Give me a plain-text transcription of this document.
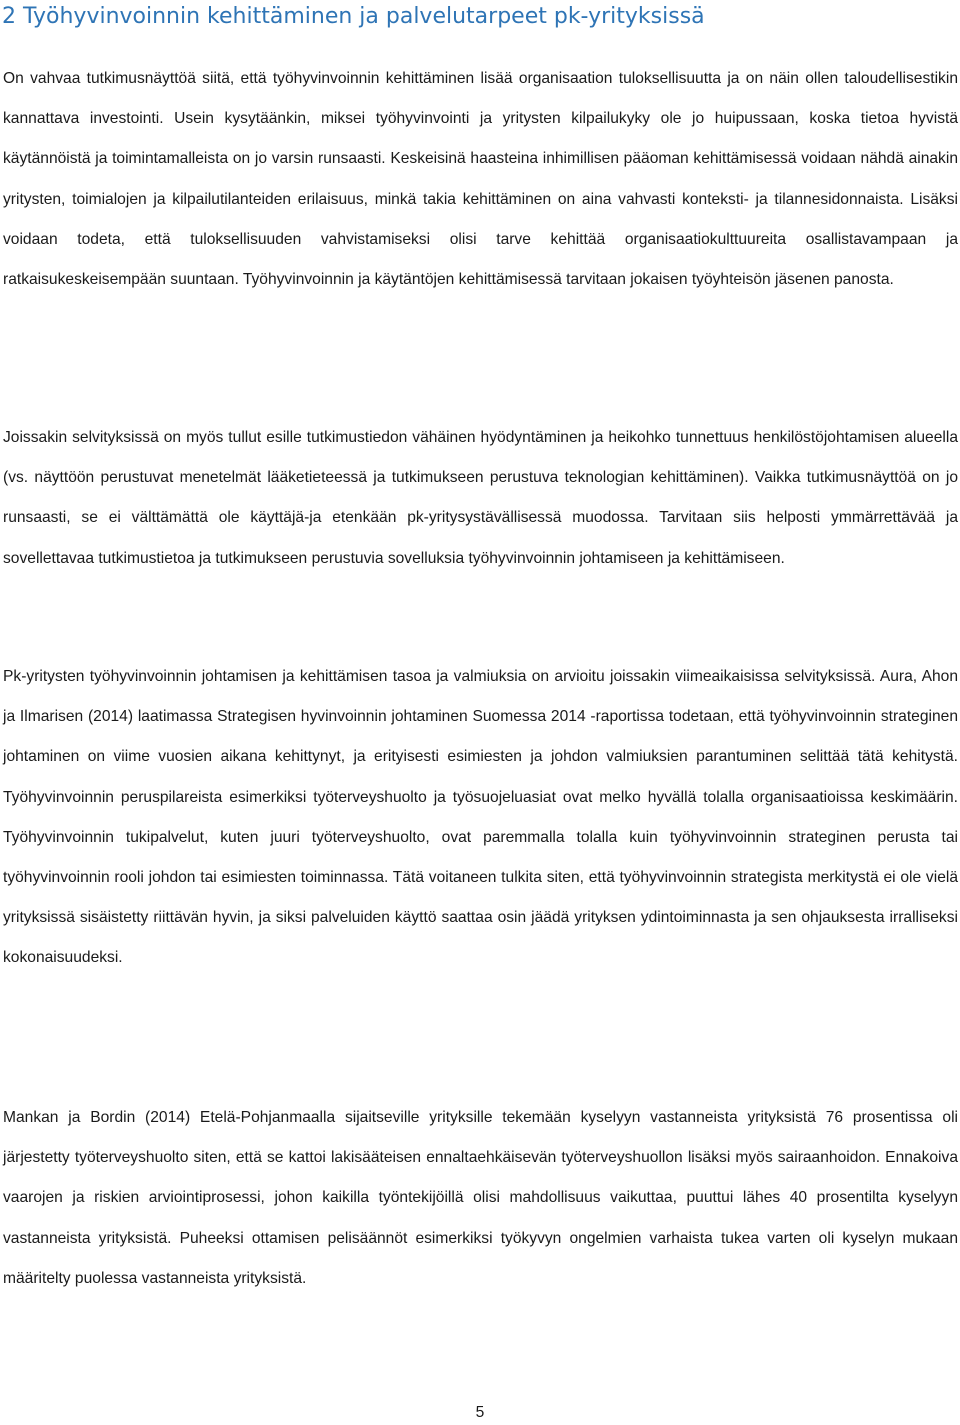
2 Työhyvinvoinnin kehittäminen ja palvelutarpeet pk-yrityksissä

On vahvaa tutkimusnäyttöä siitä, että työhyvinvoinnin kehittäminen lisää organisaation tuloksellisuutta ja on näin ollen taloudellisestikin kannattava investointi. Usein kysytäänkin, miksei työhyvinvointi ja yritysten kilpailukyky ole jo huipussaan, koska tietoa hyvistä käytännöistä ja toimintamalleista on jo varsin runsaasti. Keskeisinä haasteina inhimillisen pääoman kehittämisessä voidaan nähdä ainakin yritysten, toimialojen ja kilpailutilanteiden erilaisuus, minkä takia kehittäminen on aina vahvasti konteksti- ja tilannesidonnaista. Lisäksi voidaan todeta, että tuloksellisuuden vahvistamiseksi olisi tarve kehittää organisaatiokulttuureita osallistavampaan ja ratkaisukeskeisempään suuntaan. Työhyvinvoinnin ja käytäntöjen kehittämisessä tarvitaan jokaisen työyhteisön jäsenen panosta.

Joissakin selvityksissä on myös tullut esille tutkimustiedon vähäinen hyödyntäminen ja heikohko tunnettuus henkilöstöjohtamisen alueella (vs. näyttöön perustuvat menetelmät lääketieteessä ja tutkimukseen perustuva teknologian kehittäminen). Vaikka tutkimusnäyttöä on jo runsaasti, se ei välttämättä ole käyttäjä-ja etenkään pk-yritysystävällisessä muodossa. Tarvitaan siis helposti ymmärrettävää ja sovellettavaa tutkimustietoa ja tutkimukseen perustuvia sovelluksia työhyvinvoinnin johtamiseen ja kehittämiseen.

Pk-yritysten työhyvinvoinnin johtamisen ja kehittämisen tasoa ja valmiuksia on arvioitu joissakin viimeaikaisissa selvityksissä. Aura, Ahon ja Ilmarisen (2014) laatimassa Strategisen hyvinvoinnin johtaminen Suomessa 2014 -raportissa todetaan, että työhyvinvoinnin strateginen johtaminen on viime vuosien aikana kehittynyt, ja erityisesti esimiesten ja johdon valmiuksien parantuminen selittää tätä kehitystä. Työhyvinvoinnin peruspilareista esimerkiksi työterveyshuolto ja työsuojeluasiat ovat melko hyvällä tolalla organisaatioissa keskimäärin. Työhyvinvoinnin tukipalvelut, kuten juuri työterveyshuolto, ovat paremmalla tolalla kuin työhyvinvoinnin strateginen perusta tai työhyvinvoinnin rooli johdon tai esimiesten toiminnassa. Tätä voitaneen tulkita siten, että työhyvinvoinnin strategista merkitystä ei ole vielä yrityksissä sisäistetty riittävän hyvin, ja siksi palveluiden käyttö saattaa osin jäädä yrityksen ydintoiminnasta ja sen ohjauksesta irralliseksi kokonaisuudeksi.

Mankan ja Bordin (2014) Etelä-Pohjanmaalla sijaitseville yrityksille tekemään kyselyyn vastanneista yrityksistä 76 prosentissa oli järjestetty työterveyshuolto siten, että se kattoi lakisääteisen ennaltaehkäisevän työterveyshuollon lisäksi myös sairaanhoidon. Ennakoiva vaarojen ja riskien arviointiprosessi, johon kaikilla työntekijöillä olisi mahdollisuus vaikuttaa, puuttui lähes 40 prosentilta kyselyyn vastanneista yrityksistä. Puheeksi ottamisen pelisäännöt esimerkiksi työkyvyn ongelmien varhaista tukea varten oli kyselyn mukaan määritelty puolessa vastanneista yrityksistä.

5
